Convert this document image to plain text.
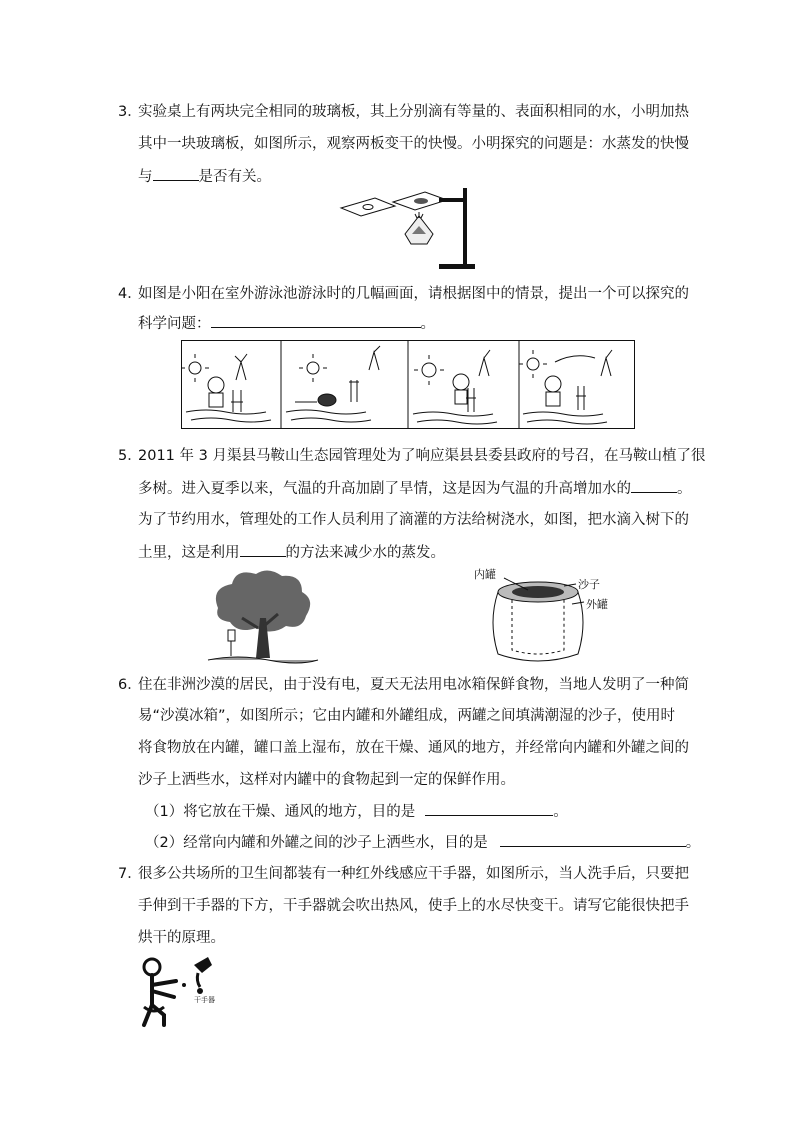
3．
实验桌上有两块完全相同的玻璃板，其上分别滴有等量的、表面积相同的水，小明加热
其中一块玻璃板，如图所示，观察两板变干的快慢。小明探究的问题是：水蒸发的快慢
与	是否有关。
4．
如图是小阳在室外游泳池游泳时的几幅画面，请根据图中的情景，提出一个可以探究的
科学问题：	。
5．
2011 年 3 月渠县马鞍山生态园管理处为了响应渠县县委县政府的号召，在马鞍山植了很
多树。进入夏季以来，气温的升高加剧了旱情，这是因为气温的升高增加水的	。
为了节约用水，管理处的工作人员利用了滴灌的方法给树浇水，如图，把水滴入树下的
土里，这是利用	的方法来减少水的蒸发。
内罐
沙子
外罐
6．
住在非洲沙漠的居民，由于没有电，夏天无法用电冰箱保鲜食物，当地人发明了一种简
易“沙漠冰箱”，如图所示；它由内罐和外罐组成，两罐之间填满潮湿的沙子，使用时
将食物放在内罐，罐口盖上湿布，放在干燥、通风的地方，并经常向内罐和外罐之间的
沙子上洒些水，这样对内罐中的食物起到一定的保鲜作用。
（1）将它放在干燥、通风的地方，目的是	。
（2）经常向内罐和外罐之间的沙子上洒些水，目的是	。
7．
很多公共场所的卫生间都装有一种红外线感应干手器，如图所示，当人洗手后，只要把
手伸到干手器的下方，干手器就会吹出热风，使手上的水尽快变干。请写它能很快把手
烘干的原理。
干手器
